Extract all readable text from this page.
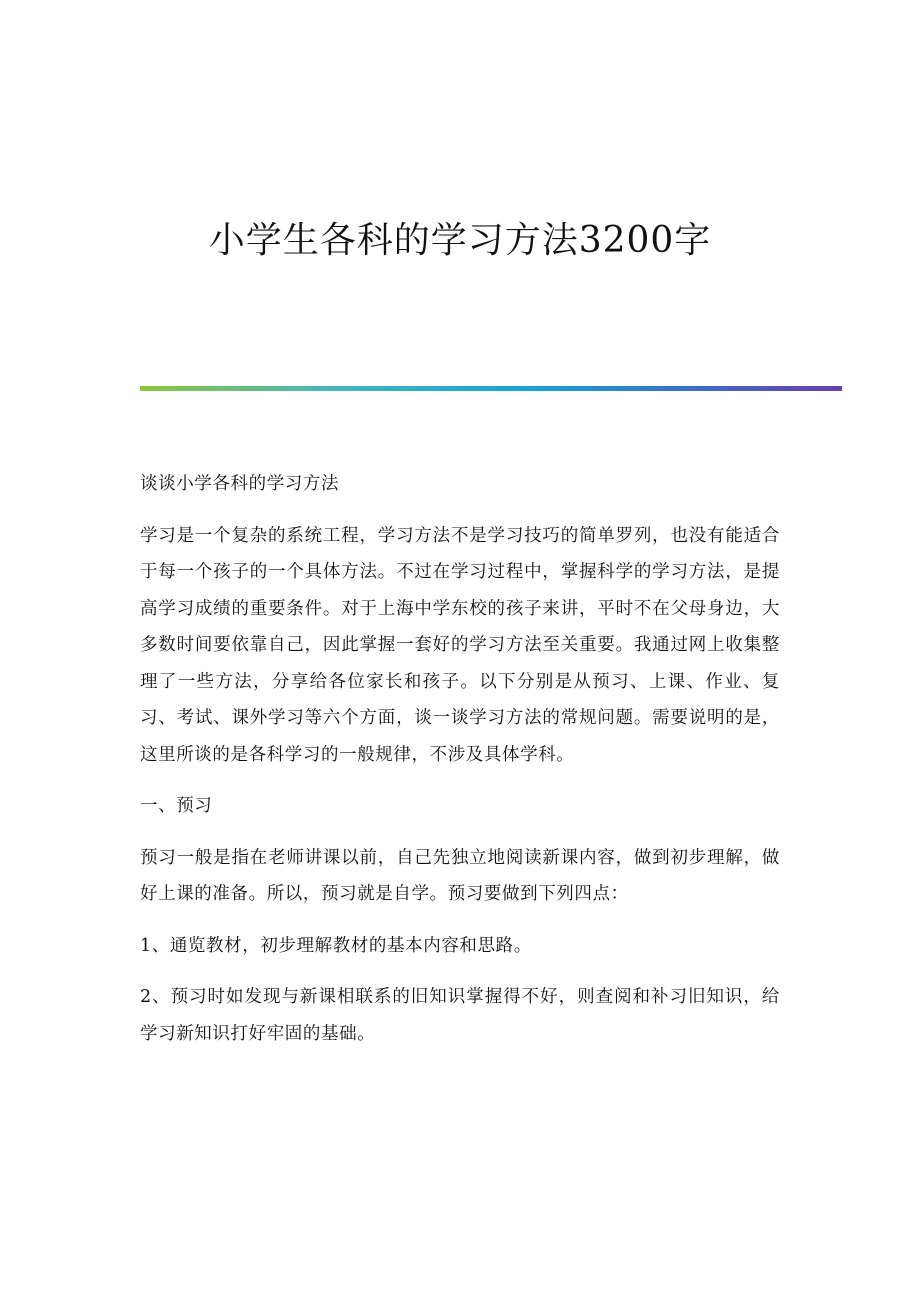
小学生各科的学习方法3200字

谈谈小学各科的学习方法

学习是一个复杂的系统工程，学习方法不是学习技巧的简单罗列，也没有能适合于每一个孩子的一个具体方法。不过在学习过程中，掌握科学的学习方法，是提高学习成绩的重要条件。对于上海中学东校的孩子来讲，平时不在父母身边，大多数时间要依靠自己，因此掌握一套好的学习方法至关重要。我通过网上收集整理了一些方法，分享给各位家长和孩子。以下分别是从预习、上课、作业、复习、考试、课外学习等六个方面，谈一谈学习方法的常规问题。需要说明的是，这里所谈的是各科学习的一般规律，不涉及具体学科。

一、预习

预习一般是指在老师讲课以前，自己先独立地阅读新课内容，做到初步理解，做好上课的准备。所以，预习就是自学。预习要做到下列四点：

1、通览教材，初步理解教材的基本内容和思路。

2、预习时如发现与新课相联系的旧知识掌握得不好，则查阅和补习旧知识，给学习新知识打好牢固的基础。
